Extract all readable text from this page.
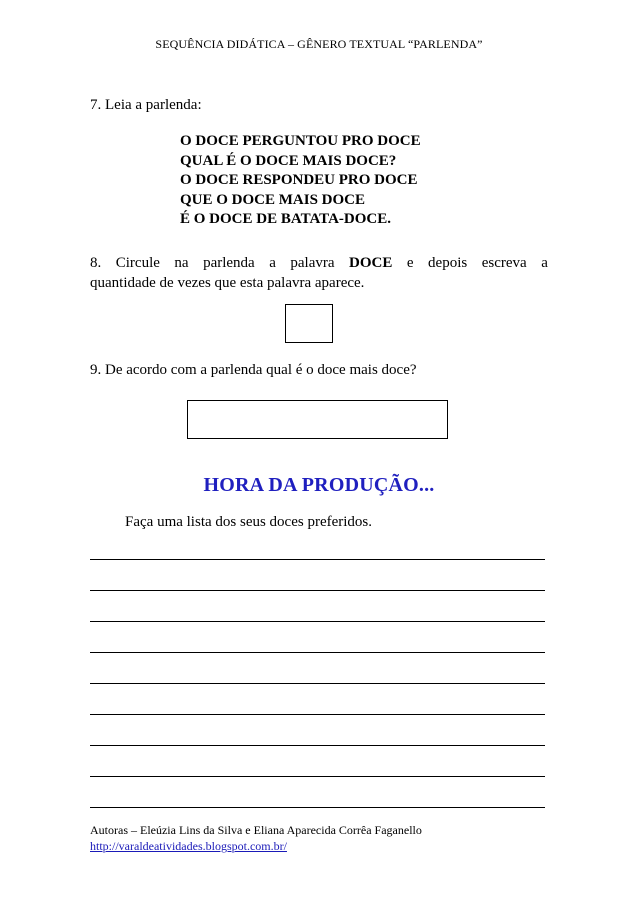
SEQUÊNCIA DIDÁTICA – GÊNERO TEXTUAL “PARLENDA”
7. Leia a parlenda:
O DOCE PERGUNTOU PRO DOCE
QUAL É O DOCE MAIS DOCE?
O DOCE RESPONDEU PRO DOCE
QUE O DOCE MAIS DOCE
É O DOCE DE BATATA-DOCE.
8. Circule na parlenda a palavra DOCE e depois escreva a
quantidade de vezes que esta palavra aparece.
9. De acordo com a parlenda qual é o doce mais doce?
HORA DA PRODUÇÃO...
Faça uma lista dos seus doces preferidos.
Autoras – Eleúzia Lins da Silva e Eliana Aparecida Corrêa Faganello
http://varaldeatividades.blogspot.com.br/
